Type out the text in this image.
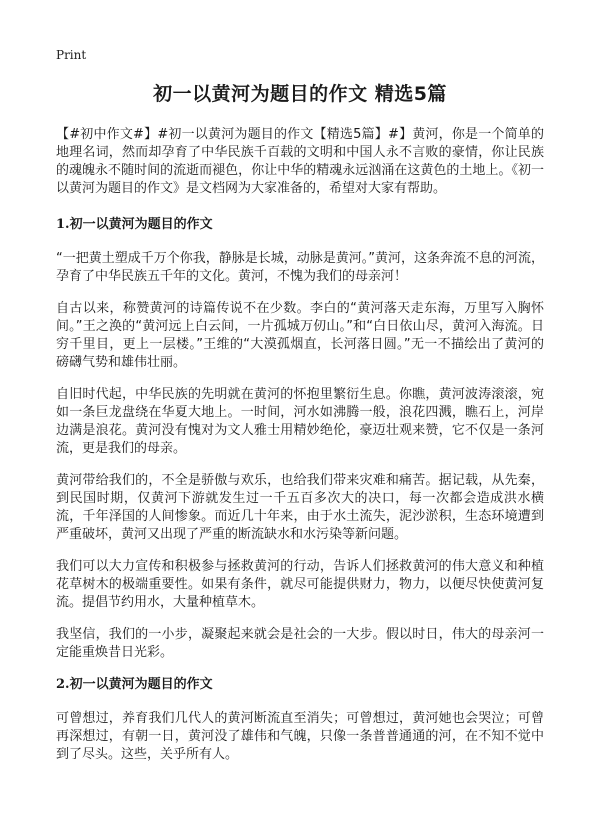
Print
初一以黄河为题目的作文 精选5篇

【#初中作文#】#初一以黄河为题目的作文【精选5篇】#】黄河，你是一个简单的地理名词，然而却孕育了中华民族千百载的文明和中国人永不言败的豪情，你让民族的魂魄永不随时间的流逝而褪色，你让中华的精魂永远汹涌在这黄色的土地上。《初一以黄河为题目的作文》是文档网为大家准备的，希望对大家有帮助。

1.初一以黄河为题目的作文

“一把黄土塑成千万个你我，静脉是长城，动脉是黄河。”黄河，这条奔流不息的河流，孕育了中华民族五千年的文化。黄河，不愧为我们的母亲河！

自古以来，称赞黄河的诗篇传说不在少数。李白的“黄河落天走东海，万里写入胸怀间。”王之涣的“黄河远上白云间，一片孤城万仞山。”和“白日依山尽，黄河入海流。日穷千里目，更上一层楼。”王维的“大漠孤烟直，长河落日圆。”无一不描绘出了黄河的磅礴气势和雄伟壮丽。

自旧时代起，中华民族的先明就在黄河的怀抱里繁衍生息。你瞧，黄河波涛滚滚，宛如一条巨龙盘绕在华夏大地上。一时间，河水如沸腾一般，浪花四溅，瞧石上，河岸边满是浪花。黄河没有愧对为文人雅士用精妙绝伦，豪迈壮观来赞，它不仅是一条河流，更是我们的母亲。

黄河带给我们的，不全是骄傲与欢乐，也给我们带来灾难和痛苦。据记载，从先秦，到民国时期，仅黄河下游就发生过一千五百多次大的决口，每一次都会造成洪水横流，千年泽国的人间惨象。而近几十年来，由于水土流失，泥沙淤积，生态环境遭到严重破坏，黄河又出现了严重的断流缺水和水污染等新问题。

我们可以大力宣传和积极参与拯救黄河的行动，告诉人们拯救黄河的伟大意义和种植花草树木的极端重要性。如果有条件，就尽可能提供财力，物力，以便尽快使黄河复流。提倡节约用水，大量种植草木。

我坚信，我们的一小步，凝聚起来就会是社会的一大步。假以时日，伟大的母亲河一定能重焕昔日光彩。

2.初一以黄河为题目的作文

可曾想过，养育我们几代人的黄河断流直至消失；可曾想过，黄河她也会哭泣；可曾再深想过，有朝一日，黄河没了雄伟和气魄，只像一条普普通通的河，在不知不觉中到了尽头。这些，关乎所有人。
